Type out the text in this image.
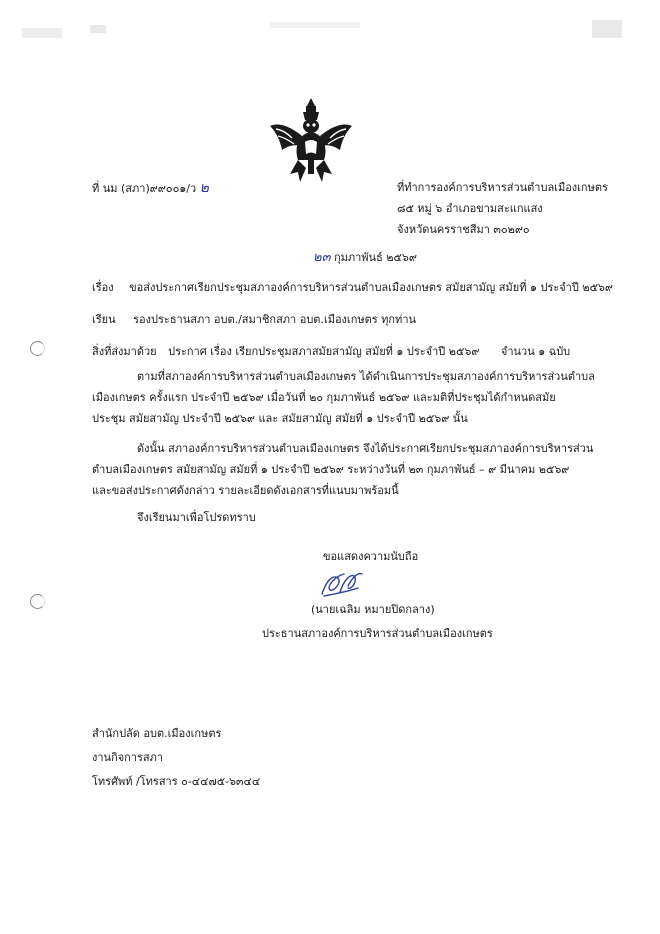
ที่ นม (สภา)๙๙๐๐๑/ว ๒	ที่ทำการองค์การบริหารส่วนตำบลเมืองเกษตร
๘๕ หมู่ ๖ อำเภอขามสะแกแสง
จังหวัดนครราชสีมา ๓๐๒๙๐
๒๓ กุมภาพันธ์ ๒๕๖๙
เรื่อง ขอส่งประกาศเรียกประชุมสภาองค์การบริหารส่วนตำบลเมืองเกษตร สมัยสามัญ สมัยที่ ๑ ประจำปี ๒๕๖๙
เรียน รองประธานสภา อบต./สมาชิกสภา อบต.เมืองเกษตร ทุกท่าน
สิ่งที่ส่งมาด้วย ประกาศ เรื่อง เรียกประชุมสภาสมัยสามัญ สมัยที่ ๑ ประจำปี ๒๕๖๙ จำนวน ๑ ฉบับ
ตามที่สภาองค์การบริหารส่วนตำบลเมืองเกษตร ได้ดำเนินการประชุมสภาองค์การบริหารส่วนตำบล
เมืองเกษตร ครั้งแรก ประจำปี ๒๕๖๙ เมื่อวันที่ ๒๐ กุมภาพันธ์ ๒๕๖๙ และมติที่ประชุมได้กำหนดสมัย
ประชุม สมัยสามัญ ประจำปี ๒๕๖๙ และ สมัยสามัญ สมัยที่ ๑ ประจำปี ๒๕๖๙ นั้น
ดังนั้น สภาองค์การบริหารส่วนตำบลเมืองเกษตร จึงได้ประกาศเรียกประชุมสภาองค์การบริหารส่วน
ตำบลเมืองเกษตร สมัยสามัญ สมัยที่ ๑ ประจำปี ๒๕๖๙ ระหว่างวันที่ ๒๓ กุมภาพันธ์ – ๙ มีนาคม ๒๕๖๙
และขอส่งประกาศดังกล่าว รายละเอียดดังเอกสารที่แนบมาพร้อมนี้
จึงเรียนมาเพื่อโปรดทราบ
ขอแสดงความนับถือ
(นายเฉลิม หมายปิดกลาง)
ประธานสภาองค์การบริหารส่วนตำบลเมืองเกษตร
สำนักปลัด อบต.เมืองเกษตร
งานกิจการสภา
โทรศัพท์ /โทรสาร ๐-๔๔๗๕-๖๓๔๔
